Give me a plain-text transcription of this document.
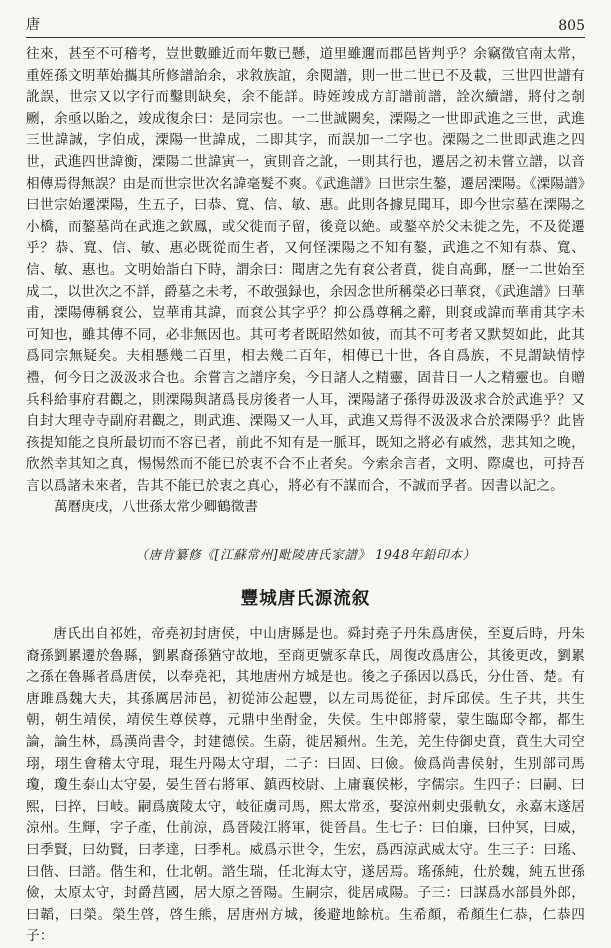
唐	805

往來，甚至不可稽考，豈世數雖近而年數已懸，道里雖邇而郡邑皆判乎？余竊徵官南太常，重姪孫文明華始攜其所修譜詒余，求敘族誼，余閱譜，則一世二世已不及載，三世四世譜有訛誤，世宗又以字行而鑿則缺矣，余不能詳。時姪竣成方訂譜前譜，詮次續譜，將付之剞劂，余亟以貽之，竣成復余曰：是同宗也。一二世誠闕矣，溧陽之一世即武進之三世，武進三世諱誠，字伯成，溧陽一世諱成，二即其字，而誤加一二字也。溧陽之二世即武進之四世，武進四世諱衡，溧陽二世諱寅一，寅則音之訛，一則其行也，遷居之初未嘗立譜，以音相傳焉得無誤？由是而世宗世次名諱毫髮不爽。《武進譜》曰世宗生鏊，遷居溧陽。《溧陽譜》曰世宗始遷溧陽，生五子，曰恭、寬、信、敏、惠。此則各據見聞耳，即今世宗墓在溧陽之小橋，而鏊墓尚在武進之欽鳳，或父徙而子留，後竟以絶。或鏊卒於父未徙之先，不及從遷乎？恭、寬、信、敏、惠必既從而生者，又何怪溧陽之不知有鏊，武進之不知有恭、寬、信、敏、惠也。文明始詣白下時，謂余曰：聞唐之先有袞公者賁，徙自高郵，歷一二世始至成二，以世次之不詳，爵墓之未考，不敢强録也，余因念世所稱榮必曰華袞，《武進譜》曰華甫，溧陽傳稱袞公，豈華甫其諱，而袞公其字乎？抑公爲尊稱之辭，則袞或諱而華甫其字未可知也，雖其傳不同，必非無因也。其可考者既昭然如彼，而其不可考者又默契如此，此其爲同宗無疑矣。夫相懸幾二百里，相去幾二百年，相傳已十世，各自爲族，不見謂缺情悖禮，何今日之汲汲求合也。余嘗言之譜序矣，今日諸人之精靈，固昔日一人之精靈也。自贈兵科給事府君觀之，則溧陽與諸爲長房後者一人耳，溧陽諸子孫得毋汲汲求合於武進乎？又自封大理寺寺副府君觀之，則武進、溧陽又一人耳，武進又焉得不汲汲求合於溧陽乎？此皆孩提知能之良所最切而不容已者，前此不知有是一脈耳，既知之將必有戚然，悲其知之晚，欣然幸其知之真，惕惕然而不能已於衷不合不止者矣。今索余言者，文明、際虞也，可持吾言以爲諸未來者，告其不能已於衷之真心，將必有不謀而合，不誠而孚者。因書以記之。

萬曆庚戌，八世孫太常少卿鶴徵書

（唐肯纂修《[江蘇常州]毗陵唐氏家譜》 1948年鉛印本）

豐城唐氏源流叙

唐氏出自祁姓，帝堯初封唐侯，中山唐縣是也。舜封堯子丹朱爲唐侯，至夏后時，丹朱裔孫劉累遷於魯縣，劉累裔孫猶守故地，至商更號豕韋氏，周復改爲唐公，其後更改，劉累之孫在魯縣者爲唐侯，以奉堯祀，其地唐州方城是也。後之子孫因以爲氏，分仕晉、楚。有唐雎爲魏大夫，其孫厲居沛邑，初從沛公起豐，以左司馬從征，封斥邱侯。生子共，共生朝，朝生靖侯，靖侯生尊侯尊，元鼎中坐酎金，失侯。生中郎將蒙，蒙生臨邸令都，都生論，論生林，爲漢尚書令，封建德侯。生蔚，徙居潁州。生羌，羌生侍御史賁，賁生大司空珝，珝生會稽太守琨，琨生丹陽太守瑁，二子：曰固、曰儉。儉爲尚書侯射，生別部司馬瓊，瓊生泰山太守晏，晏生晉右將軍、鎮西校尉、上庸襄侯彬，字儒宗。生四子：曰嗣、曰熙，曰捽，曰岐。嗣爲廣陵太守，岐征虜司馬，熙太常丞，娶涼州刺史張軌女，永嘉末遂居涼州。生輝，字子產，仕前涼，爲晉陵江將軍，徙晉昌。生七子：曰伯廉，曰仲冥，曰威，曰季賢，曰幼賢，曰孝達，曰季札。威爲示世令，生宏，爲西涼武威太守。生三子：曰瑤、曰偕、曰諮。偕生和，仕北朝。諮生瑞，任北海太守，遂居焉。瑤孫純，仕於魏，純五世孫儉，太原太守，封爵莒國，居大原之晉陽。生嗣宗，徙居咸陽。子三：曰謀爲水部員外郎，曰韜，曰榮。榮生啓，啓生熊，居唐州方城，後避地餘杭。生希顏，希顏生仁恭，仁恭四子：
